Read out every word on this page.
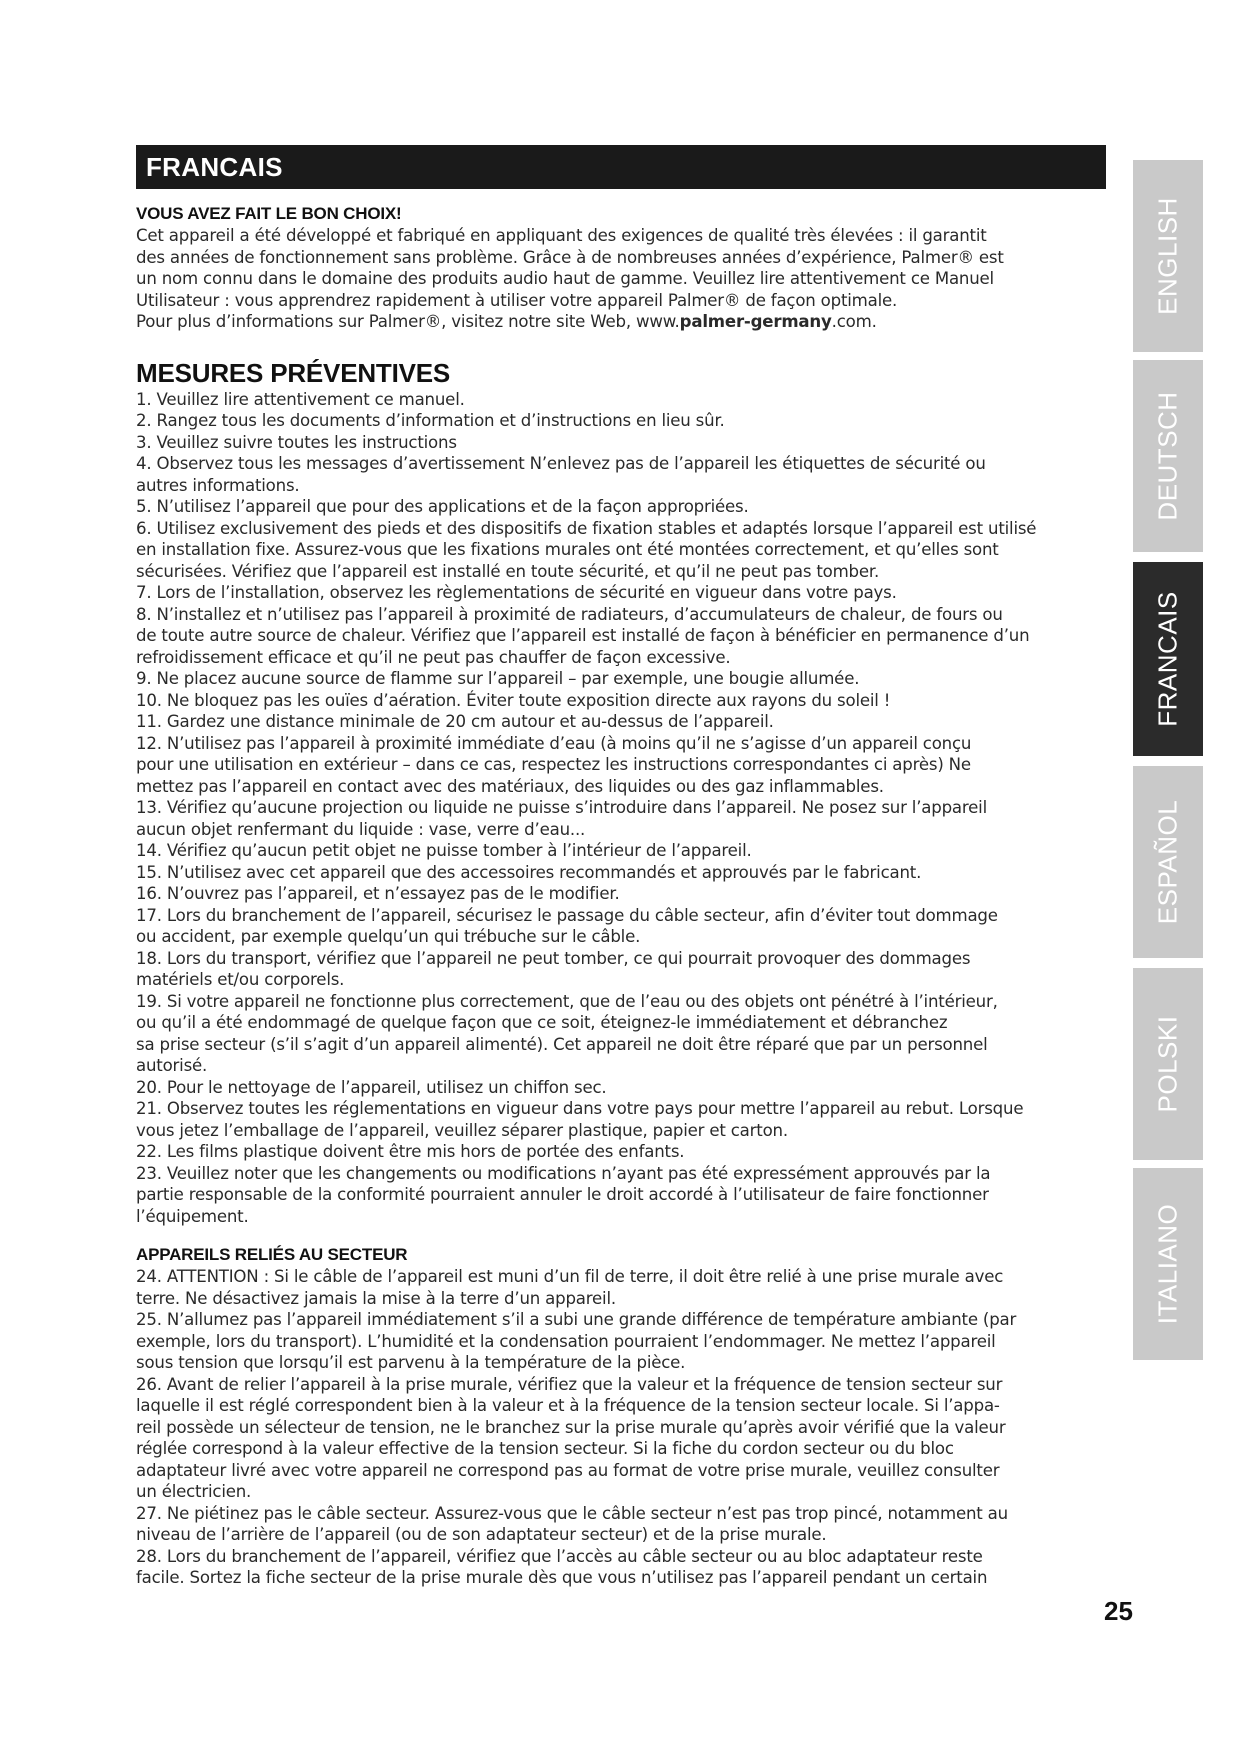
FRANCAIS

VOUS AVEZ FAIT LE BON CHOIX!

Cet appareil a été développé et fabriqué en appliquant des exigences de qualité très élevées : il garantit

des années de fonctionnement sans problème. Grâce à de nombreuses années d’expérience, Palmer® est

un nom connu dans le domaine des produits audio haut de gamme. Veuillez lire attentivement ce Manuel

Utilisateur : vous apprendrez rapidement à utiliser votre appareil Palmer® de façon optimale.

Pour plus d’informations sur Palmer®, visitez notre site Web, www.palmer-germany.com.

MESURES PRÉVENTIVES

1. Veuillez lire attentivement ce manuel.

2. Rangez tous les documents d’information et d’instructions en lieu sûr.

3. Veuillez suivre toutes les instructions

4. Observez tous les messages d’avertissement N’enlevez pas de l’appareil les étiquettes de sécurité ou

autres informations.

5. N’utilisez l’appareil que pour des applications et de la façon appropriées.

6. Utilisez exclusivement des pieds et des dispositifs de fixation stables et adaptés lorsque l’appareil est utilisé

en installation fixe. Assurez-vous que les fixations murales ont été montées correctement, et qu’elles sont

sécurisées. Vérifiez que l’appareil est installé en toute sécurité, et qu’il ne peut pas tomber.

7. Lors de l’installation, observez les règlementations de sécurité en vigueur dans votre pays.

8. N’installez et n’utilisez pas l’appareil à proximité de radiateurs, d’accumulateurs de chaleur, de fours ou

de toute autre source de chaleur. Vérifiez que l’appareil est installé de façon à bénéficier en permanence d’un

refroidissement efficace et qu’il ne peut pas chauffer de façon excessive.

9. Ne placez aucune source de flamme sur l’appareil – par exemple, une bougie allumée.

10. Ne bloquez pas les ouïes d’aération. Éviter toute exposition directe aux rayons du soleil !

11. Gardez une distance minimale de 20 cm autour et au-dessus de l’appareil.

12. N’utilisez pas l’appareil à proximité immédiate d’eau (à moins qu’il ne s’agisse d’un appareil conçu

pour une utilisation en extérieur – dans ce cas, respectez les instructions correspondantes ci après) Ne

mettez pas l’appareil en contact avec des matériaux, des liquides ou des gaz inflammables.

13. Vérifiez qu’aucune projection ou liquide ne puisse s’introduire dans l’appareil. Ne posez sur l’appareil

aucun objet renfermant du liquide : vase, verre d’eau...

14. Vérifiez qu’aucun petit objet ne puisse tomber à l’intérieur de l’appareil.

15. N’utilisez avec cet appareil que des accessoires recommandés et approuvés par le fabricant.

16. N’ouvrez pas l’appareil, et n’essayez pas de le modifier.

17. Lors du branchement de l’appareil, sécurisez le passage du câble secteur, afin d’éviter tout dommage

ou accident, par exemple quelqu’un qui trébuche sur le câble.

18. Lors du transport, vérifiez que l’appareil ne peut tomber, ce qui pourrait provoquer des dommages

matériels et/ou corporels.

19. Si votre appareil ne fonctionne plus correctement, que de l’eau ou des objets ont pénétré à l’intérieur,

ou qu’il a été endommagé de quelque façon que ce soit, éteignez-le immédiatement et débranchez

sa prise secteur (s’il s’agit d’un appareil alimenté). Cet appareil ne doit être réparé que par un personnel

autorisé.

20. Pour le nettoyage de l’appareil, utilisez un chiffon sec.

21. Observez toutes les réglementations en vigueur dans votre pays pour mettre l’appareil au rebut. Lorsque

vous jetez l’emballage de l’appareil, veuillez séparer plastique, papier et carton.

22. Les films plastique doivent être mis hors de portée des enfants.

23. Veuillez noter que les changements ou modifications n’ayant pas été expressément approuvés par la

partie responsable de la conformité pourraient annuler le droit accordé à l’utilisateur de faire fonctionner

l’équipement.

APPAREILS RELIÉS AU SECTEUR

24. ATTENTION : Si le câble de l’appareil est muni d’un fil de terre, il doit être relié à une prise murale avec

terre. Ne désactivez jamais la mise à la terre d’un appareil.

25. N’allumez pas l’appareil immédiatement s’il a subi une grande différence de température ambiante (par

exemple, lors du transport). L’humidité et la condensation pourraient l’endommager. Ne mettez l’appareil

sous tension que lorsqu’il est parvenu à la température de la pièce.

26. Avant de relier l’appareil à la prise murale, vérifiez que la valeur et la fréquence de tension secteur sur

laquelle il est réglé correspondent bien à la valeur et à la fréquence de la tension secteur locale. Si l’appa-

reil possède un sélecteur de tension, ne le branchez sur la prise murale qu’après avoir vérifié que la valeur

réglée correspond à la valeur effective de la tension secteur. Si la fiche du cordon secteur ou du bloc

adaptateur livré avec votre appareil ne correspond pas au format de votre prise murale, veuillez consulter

un électricien.

27. Ne piétinez pas le câble secteur. Assurez-vous que le câble secteur n’est pas trop pincé, notamment au

niveau de l’arrière de l’appareil (ou de son adaptateur secteur) et de la prise murale.

28. Lors du branchement de l’appareil, vérifiez que l’accès au câble secteur ou au bloc adaptateur reste

facile. Sortez la fiche secteur de la prise murale dès que vous n’utilisez pas l’appareil pendant un certain

ENGLISH
DEUTSCH
FRANCAIS
ESPAÑOL
POLSKI
ITALIANO
25
